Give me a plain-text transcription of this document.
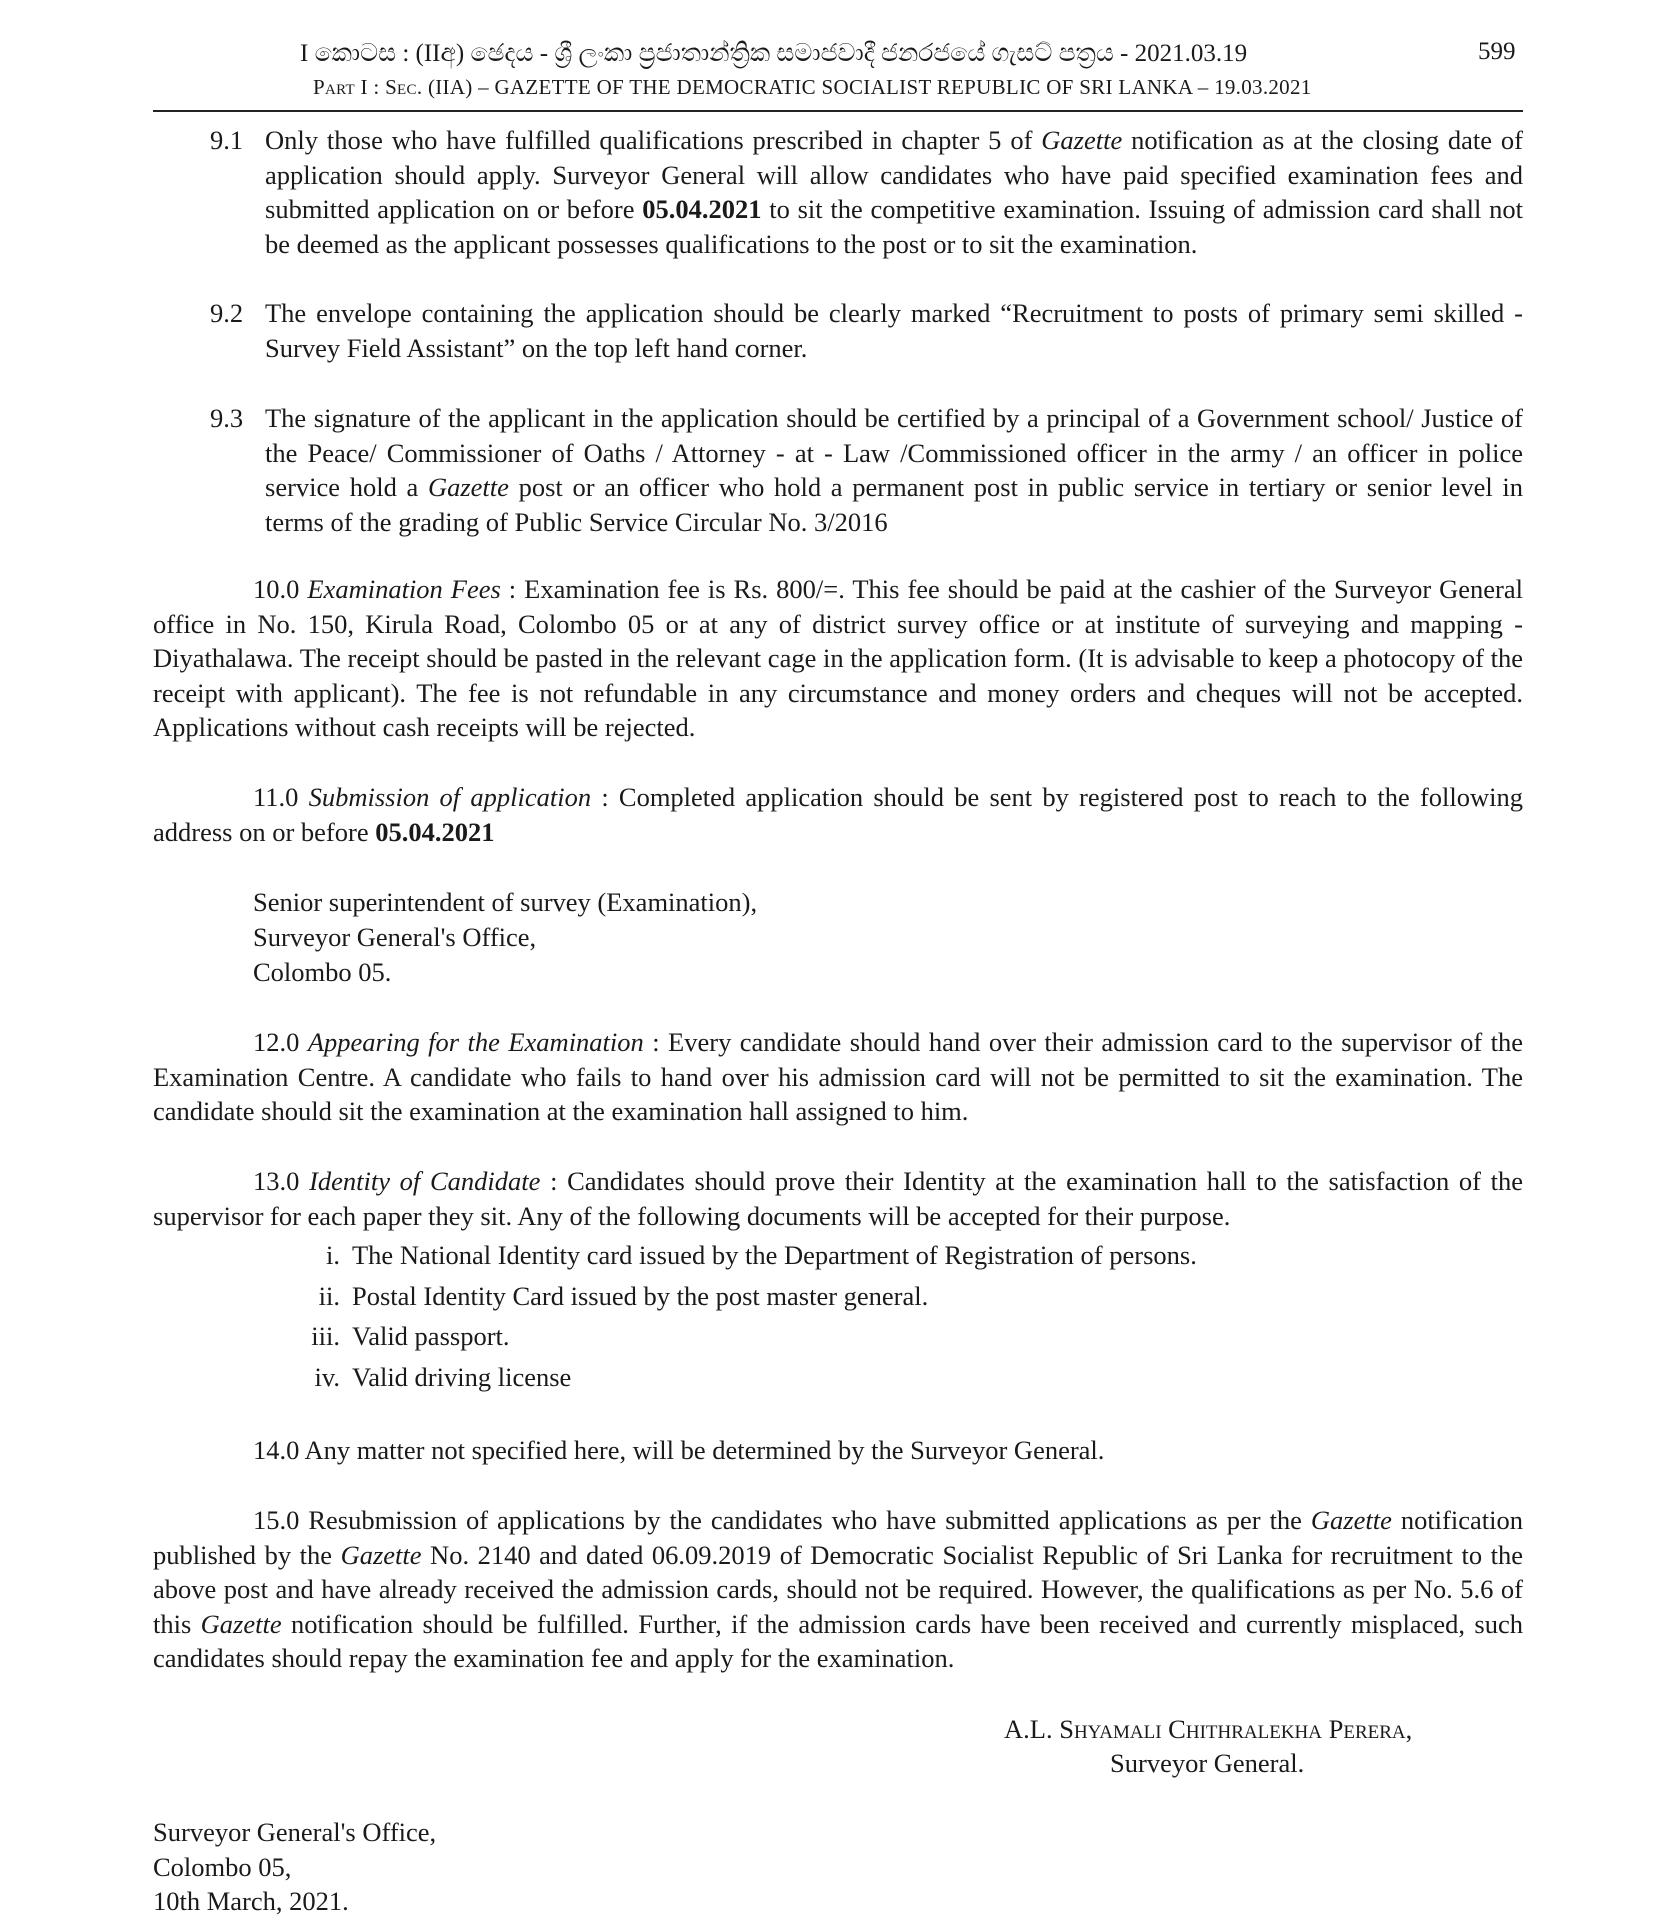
I කොටස : (IIඅ) ඡෙදය - ශ්‍රී ලංකා ප්‍රජාතාන්ත්‍රික සමාජවාදී ජනරජයේ ගැසට් පත්‍රය - 2021.03.19	599
Part I : Sec. (IIA) – GAZETTE OF THE DEMOCRATIC SOCIALIST REPUBLIC OF SRI LANKA – 19.03.2021
9.1 Only those who have fulfilled qualifications prescribed in chapter 5 of Gazette notification as at the closing date of application should apply. Surveyor General will allow candidates who have paid specified examination fees and submitted application on or before 05.04.2021 to sit the competitive examination. Issuing of admission card shall not be deemed as the applicant possesses qualifications to the post or to sit the examination.
9.2 The envelope containing the application should be clearly marked “Recruitment to posts of primary semi skilled - Survey Field Assistant” on the top left hand corner.
9.3 The signature of the applicant in the application should be certified by a principal of a Government school/ Justice of the Peace/ Commissioner of Oaths / Attorney - at - Law /Commissioned officer in the army / an officer in police service hold a Gazette post or an officer who hold a permanent post in public service in tertiary or senior level in terms of the grading of Public Service Circular No. 3/2016
10.0 Examination Fees : Examination fee is Rs. 800/=. This fee should be paid at the cashier of the Surveyor General office in No. 150, Kirula Road, Colombo 05 or at any of district survey office or at institute of surveying and mapping - Diyathalawa. The receipt should be pasted in the relevant cage in the application form. (It is advisable to keep a photocopy of the receipt with applicant). The fee is not refundable in any circumstance and money orders and cheques will not be accepted. Applications without cash receipts will be rejected.
11.0 Submission of application : Completed application should be sent by registered post to reach to the following address on or before 05.04.2021
Senior superintendent of survey (Examination),
Surveyor General's Office,
Colombo 05.
12.0 Appearing for the Examination : Every candidate should hand over their admission card to the supervisor of the Examination Centre. A candidate who fails to hand over his admission card will not be permitted to sit the examination. The candidate should sit the examination at the examination hall assigned to him.
13.0 Identity of Candidate : Candidates should prove their Identity at the examination hall to the satisfaction of the supervisor for each paper they sit. Any of the following documents will be accepted for their purpose.
i. The National Identity card issued by the Department of Registration of persons.
ii. Postal Identity Card issued by the post master general.
iii. Valid passport.
iv. Valid driving license
14.0 Any matter not specified here, will be determined by the Surveyor General.
15.0 Resubmission of applications by the candidates who have submitted applications as per the Gazette notification published by the Gazette No. 2140 and dated 06.09.2019 of Democratic Socialist Republic of Sri Lanka for recruitment to the above post and have already received the admission cards, should not be required. However, the qualifications as per No. 5.6 of this Gazette notification should be fulfilled. Further, if the admission cards have been received and currently misplaced, such candidates should repay the examination fee and apply for the examination.
A.L. Shyamali Chithralekha Perera,
Surveyor General.
Surveyor General's Office,
Colombo 05,
10th March, 2021.
